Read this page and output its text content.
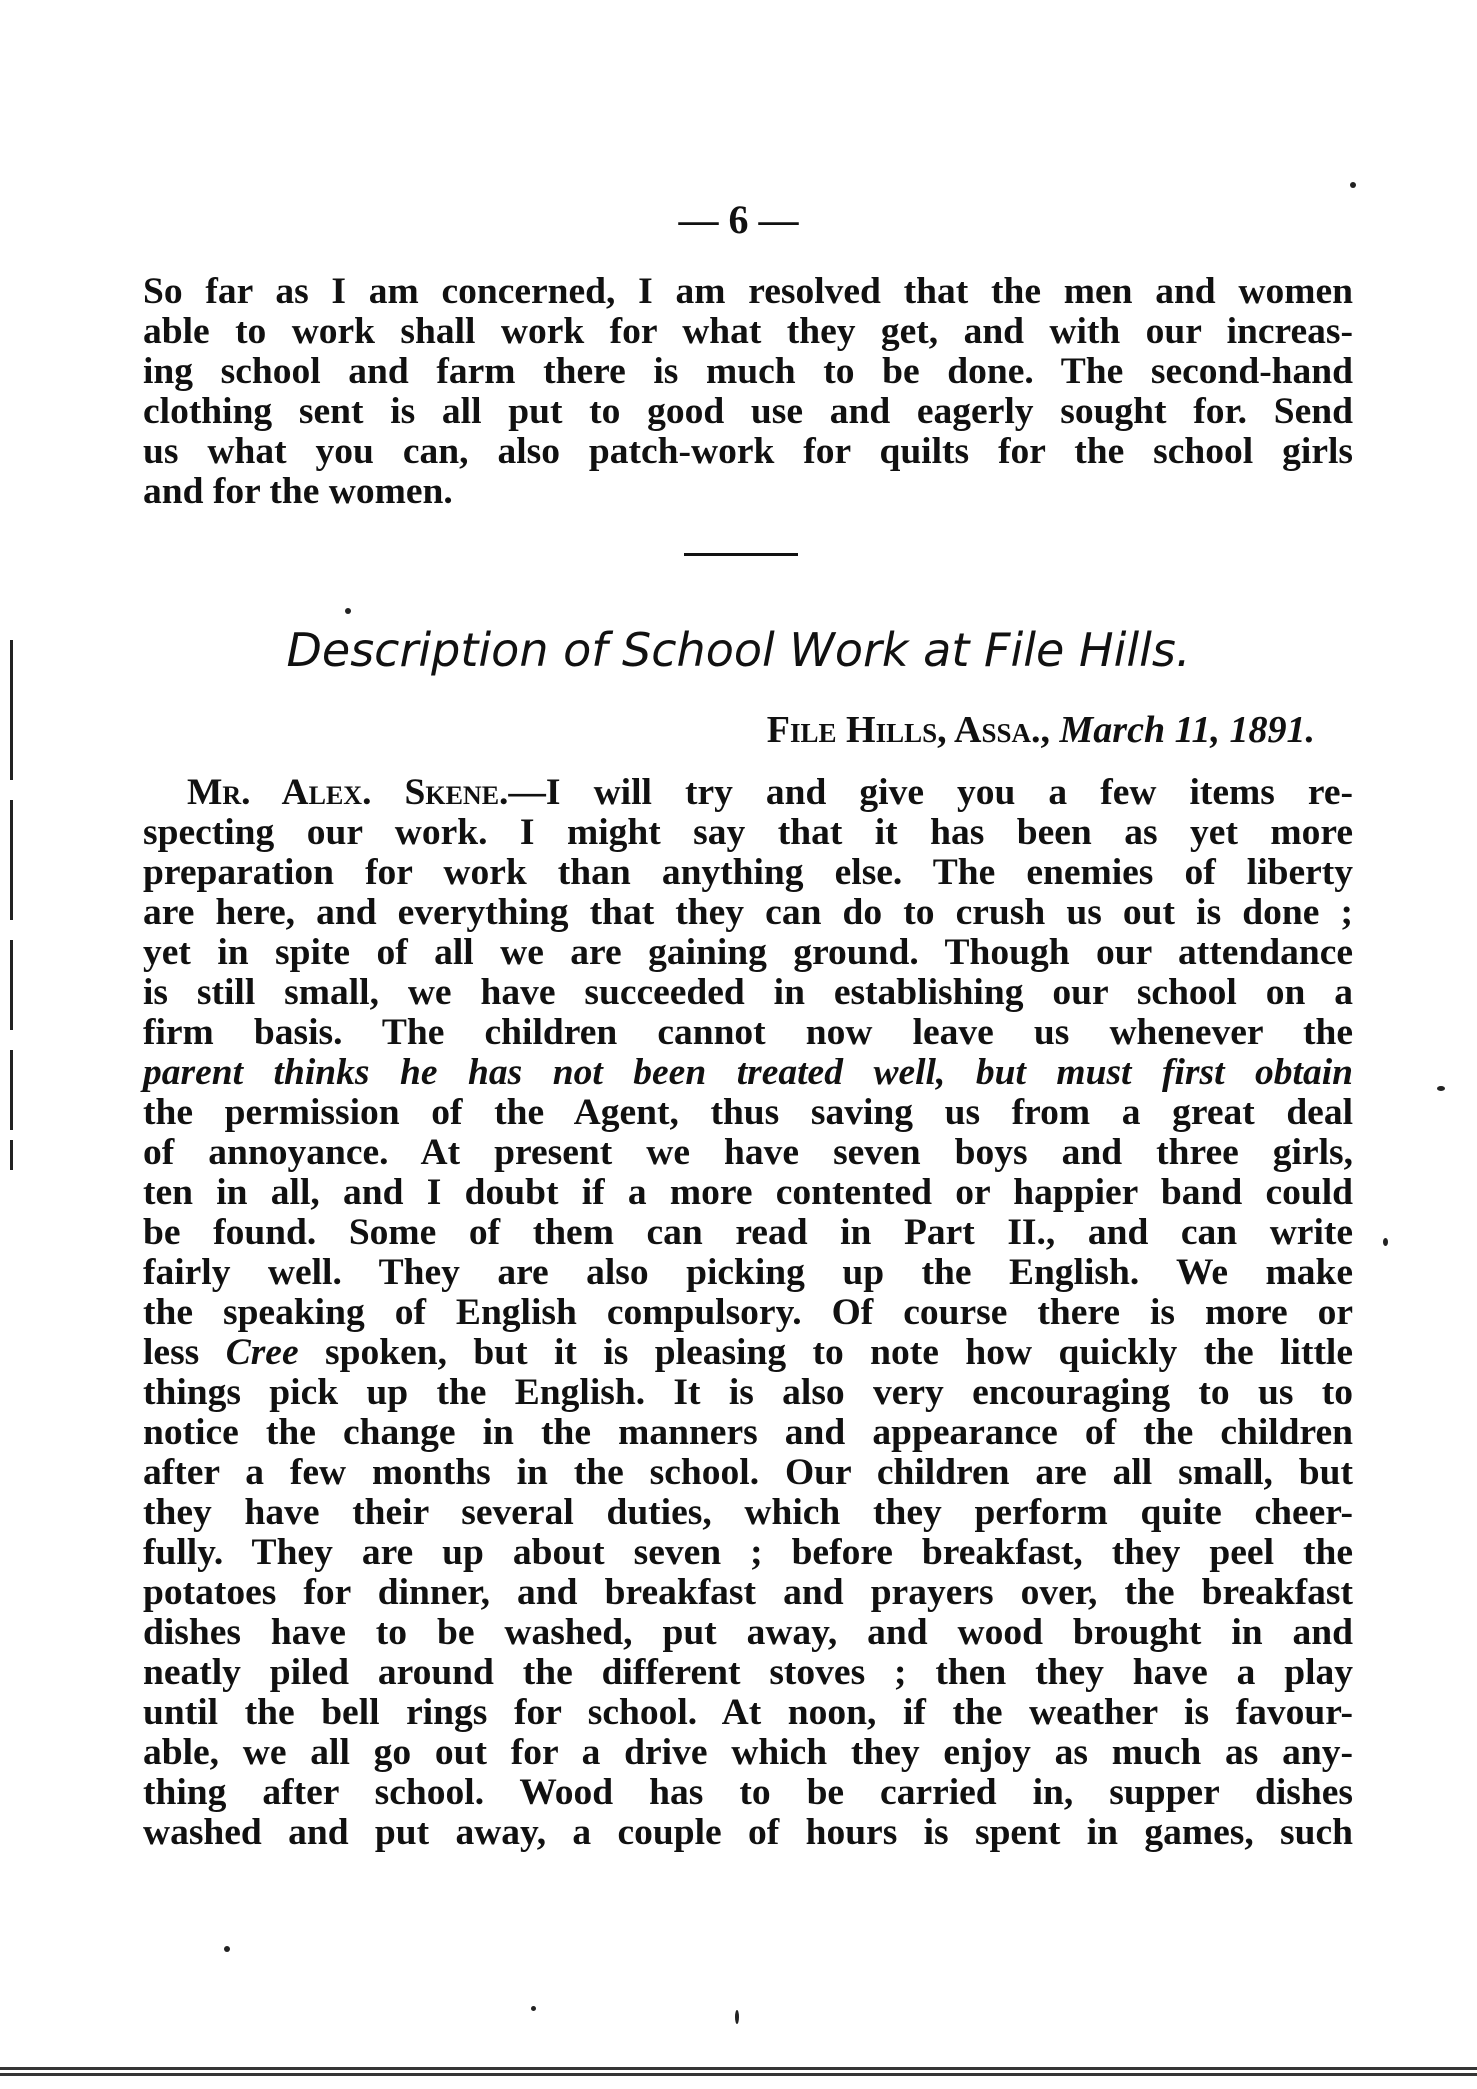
— 6 —
So far as I am concerned, I am resolved that the men and women
able to work shall work for what they get, and with our increas-
ing school and farm there is much to be done. The second-hand
clothing sent is all put to good use and eagerly sought for. Send
us what you can, also patch-work for quilts for the school girls
and for the women.
Description of School Work at File Hills.
File Hills, Assa., March 11, 1891.
Mr. Alex. Skene.—I will try and give you a few items re-
specting our work. I might say that it has been as yet more
preparation for work than anything else. The enemies of liberty
are here, and everything that they can do to crush us out is done ;
yet in spite of all we are gaining ground. Though our attendance
is still small, we have succeeded in establishing our school on a
firm basis. The children cannot now leave us whenever the
parent thinks he has not been treated well, but must first obtain
the permission of the Agent, thus saving us from a great deal
of annoyance. At present we have seven boys and three girls,
ten in all, and I doubt if a more contented or happier band could
be found. Some of them can read in Part II., and can write
fairly well. They are also picking up the English. We make
the speaking of English compulsory. Of course there is more or
less Cree spoken, but it is pleasing to note how quickly the little
things pick up the English. It is also very encouraging to us to
notice the change in the manners and appearance of the children
after a few months in the school. Our children are all small, but
they have their several duties, which they perform quite cheer-
fully. They are up about seven ; before breakfast, they peel the
potatoes for dinner, and breakfast and prayers over, the breakfast
dishes have to be washed, put away, and wood brought in and
neatly piled around the different stoves ; then they have a play
until the bell rings for school. At noon, if the weather is favour-
able, we all go out for a drive which they enjoy as much as any-
thing after school. Wood has to be carried in, supper dishes
washed and put away, a couple of hours is spent in games, such
